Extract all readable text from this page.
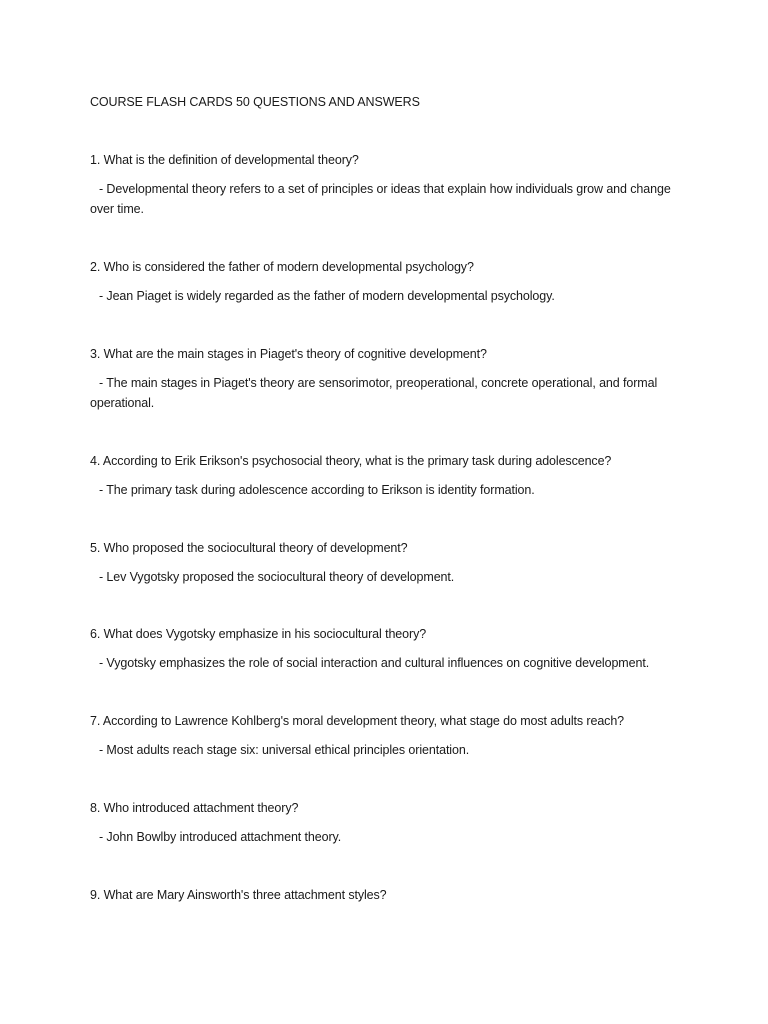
COURSE FLASH CARDS 50 QUESTIONS AND ANSWERS
1. What is the definition of developmental theory?
- Developmental theory refers to a set of principles or ideas that explain how individuals grow and change over time.
2. Who is considered the father of modern developmental psychology?
- Jean Piaget is widely regarded as the father of modern developmental psychology.
3. What are the main stages in Piaget's theory of cognitive development?
- The main stages in Piaget's theory are sensorimotor, preoperational, concrete operational, and formal operational.
4. According to Erik Erikson's psychosocial theory, what is the primary task during adolescence?
- The primary task during adolescence according to Erikson is identity formation.
5. Who proposed the sociocultural theory of development?
- Lev Vygotsky proposed the sociocultural theory of development.
6. What does Vygotsky emphasize in his sociocultural theory?
- Vygotsky emphasizes the role of social interaction and cultural influences on cognitive development.
7. According to Lawrence Kohlberg's moral development theory, what stage do most adults reach?
- Most adults reach stage six: universal ethical principles orientation.
8. Who introduced attachment theory?
- John Bowlby introduced attachment theory.
9. What are Mary Ainsworth's three attachment styles?
